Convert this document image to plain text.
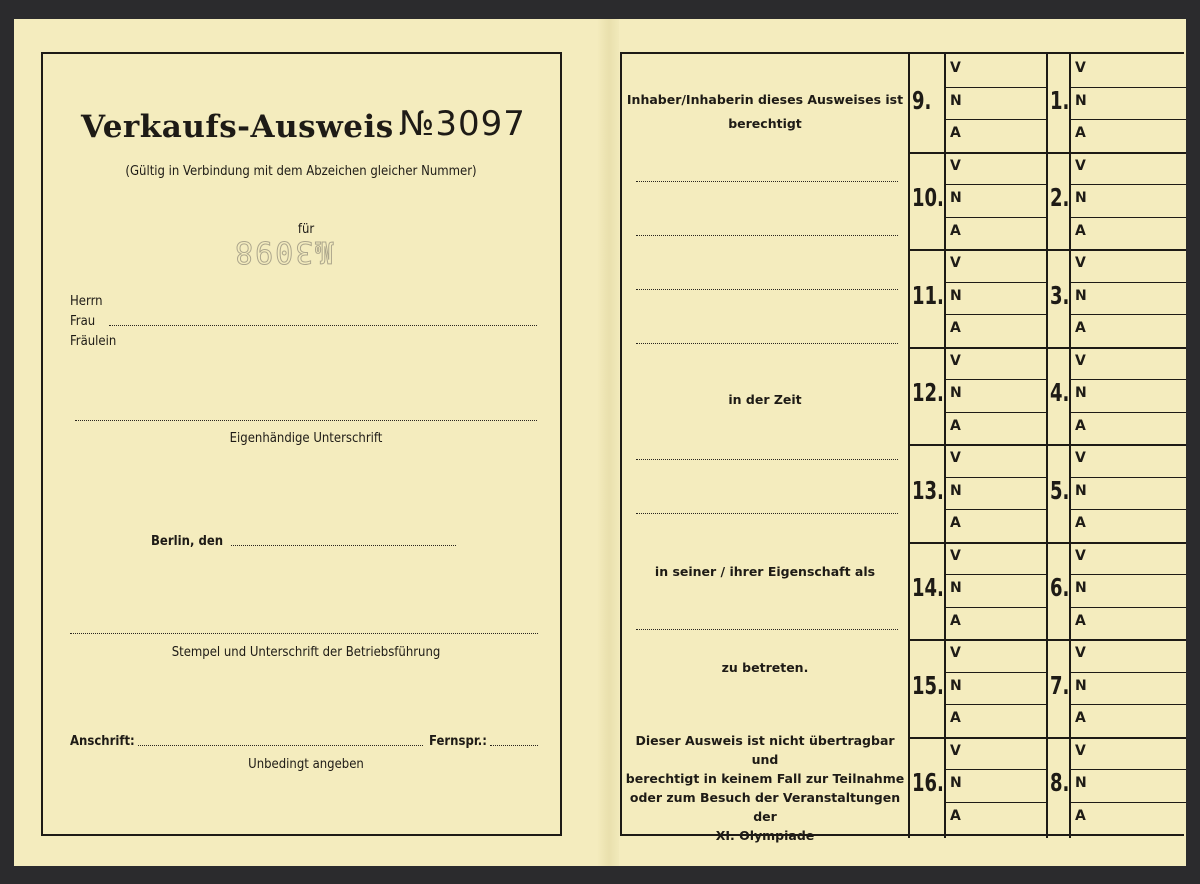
Verkaufs-Ausweis №3097
(Gültig in Verbindung mit dem Abzeichen gleicher Nummer)
für
№3098
Herrn
Frau
Fräulein
Eigenhändige Unterschrift
Berlin, den
Stempel und Unterschrift der Betriebsführung
Anschrift:	Fernspr.:
Unbedingt angeben
Inhaber/Inhaberin dieses Ausweises ist
berechtigt
in der Zeit
in seiner / ihrer Eigenschaft als
zu betreten.
Dieser Ausweis ist nicht übertragbar und
berechtigt in keinem Fall zur Teilnahme
oder zum Besuch der Veranstaltungen der
XI. Olympiade
9.	1.
V	V
N	N
A	A
10.	2.
V	V
N	N
A	A
11.	3.
V	V
N	N
A	A
12.	4.
V	V
N	N
A	A
13.	5.
V	V
N	N
A	A
14.	6.
V	V
N	N
A	A
15.	7.
V	V
N	N
A	A
16.	8.
V	V
N	N
A	A
